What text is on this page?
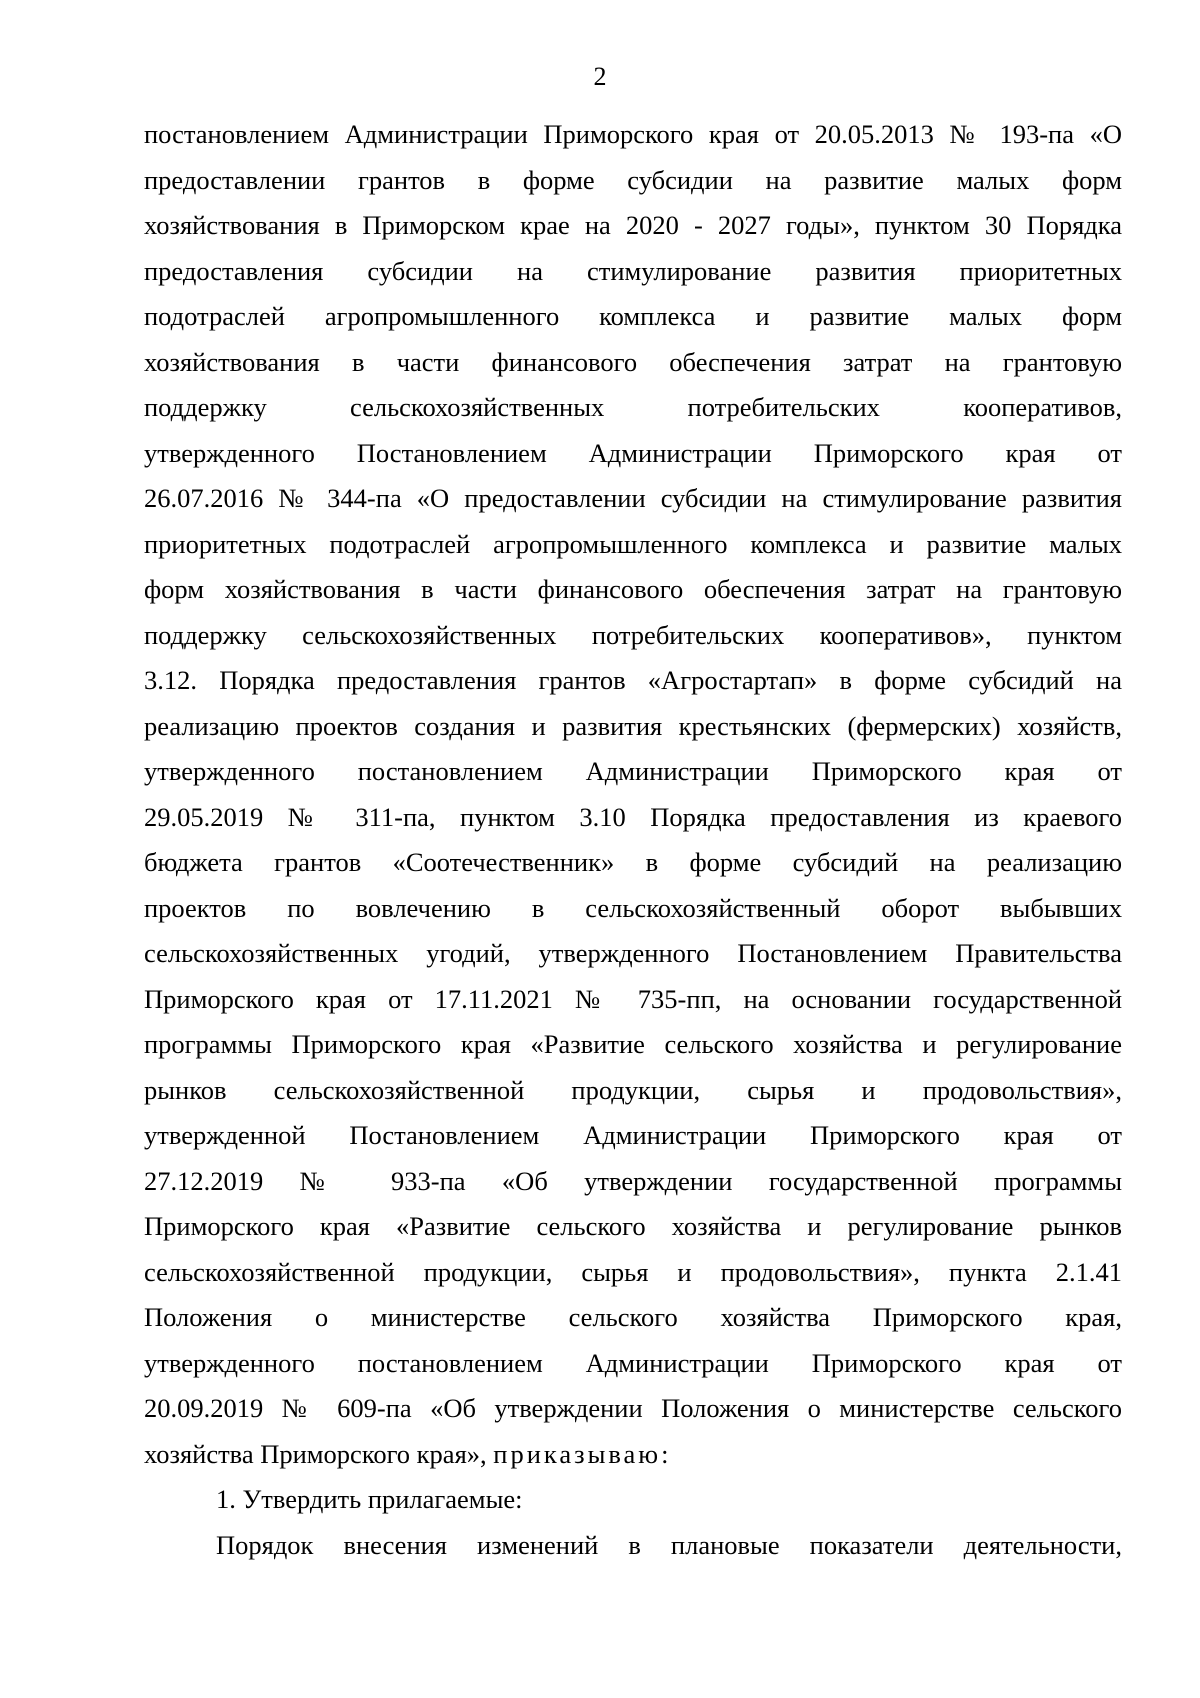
2
постановлением Администрации Приморского края от 20.05.2013 № 193-па «О
предоставлении грантов в форме субсидии на развитие малых форм
хозяйствования в Приморском крае на 2020 - 2027 годы», пунктом 30 Порядка
предоставления субсидии на стимулирование развития приоритетных
подотраслей агропромышленного комплекса и развитие малых форм
хозяйствования в части финансового обеспечения затрат на грантовую
поддержку сельскохозяйственных потребительских кооперативов,
утвержденного Постановлением Администрации Приморского края от
26.07.2016 № 344-па «О предоставлении субсидии на стимулирование развития
приоритетных подотраслей агропромышленного комплекса и развитие малых
форм хозяйствования в части финансового обеспечения затрат на грантовую
поддержку сельскохозяйственных потребительских кооперативов», пунктом
3.12. Порядка предоставления грантов «Агростартап» в форме субсидий на
реализацию проектов создания и развития крестьянских (фермерских) хозяйств,
утвержденного постановлением Администрации Приморского края от
29.05.2019 № 311-па, пунктом 3.10 Порядка предоставления из краевого
бюджета грантов «Соотечественник» в форме субсидий на реализацию
проектов по вовлечению в сельскохозяйственный оборот выбывших
сельскохозяйственных угодий, утвержденного Постановлением Правительства
Приморского края от 17.11.2021 № 735-пп, на основании государственной
программы Приморского края «Развитие сельского хозяйства и регулирование
рынков сельскохозяйственной продукции, сырья и продовольствия»,
утвержденной Постановлением Администрации Приморского края от
27.12.2019 № 933-па «Об утверждении государственной программы
Приморского края «Развитие сельского хозяйства и регулирование рынков
сельскохозяйственной продукции, сырья и продовольствия», пункта 2.1.41
Положения о министерстве сельского хозяйства Приморского края,
утвержденного постановлением Администрации Приморского края от
20.09.2019 № 609-па «Об утверждении Положения о министерстве сельского
хозяйства Приморского края», приказываю:
1. Утвердить прилагаемые:
Порядок внесения изменений в плановые показатели деятельности,
